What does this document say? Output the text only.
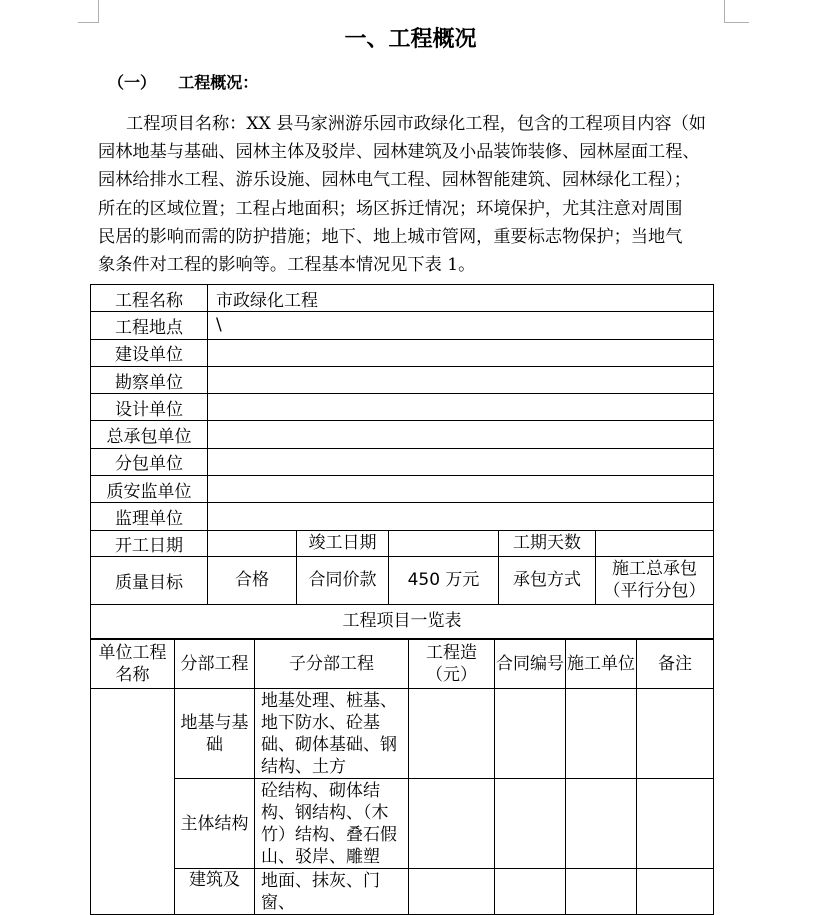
一、工程概况
（一）    工程概况：
工程项目名称：XX 县马家洲游乐园市政绿化工程，包含的工程项目内容（如
园林地基与基础、园林主体及驳岸、园林建筑及小品装饰装修、园林屋面工程、
园林给排水工程、游乐设施、园林电气工程、园林智能建筑、园林绿化工程）；
所在的区域位置；工程占地面积；场区拆迁情况；环境保护，尤其注意对周围
民居的影响而需的防护措施；地下、地上城市管网，重要标志物保护；当地气
象条件对工程的影响等。工程基本情况见下表 1。
工程名称	市政绿化工程				
工程地点	\				
建设单位					
勘察单位					
设计单位					
总承包单位					
分包单位					
质安监单位					
监理单位					
开工日期		竣工日期		工期天数	
质量目标	合格	合同价款	450 万元	承包方式	施工总承包（平行分包）
工程项目一览表					
单位工程名称	分部工程	子分部工程	工程造（元）	合同编号	施工单位	备注
	地基与基础	地基处理、桩基、地下防水、砼基础、砌体基础、钢结构、土方				
	主体结构	砼结构、砌体结构、钢结构、（木竹）结构、叠石假山、驳岸、雕塑				
	建筑及	地面、抹灰、门窗、				
